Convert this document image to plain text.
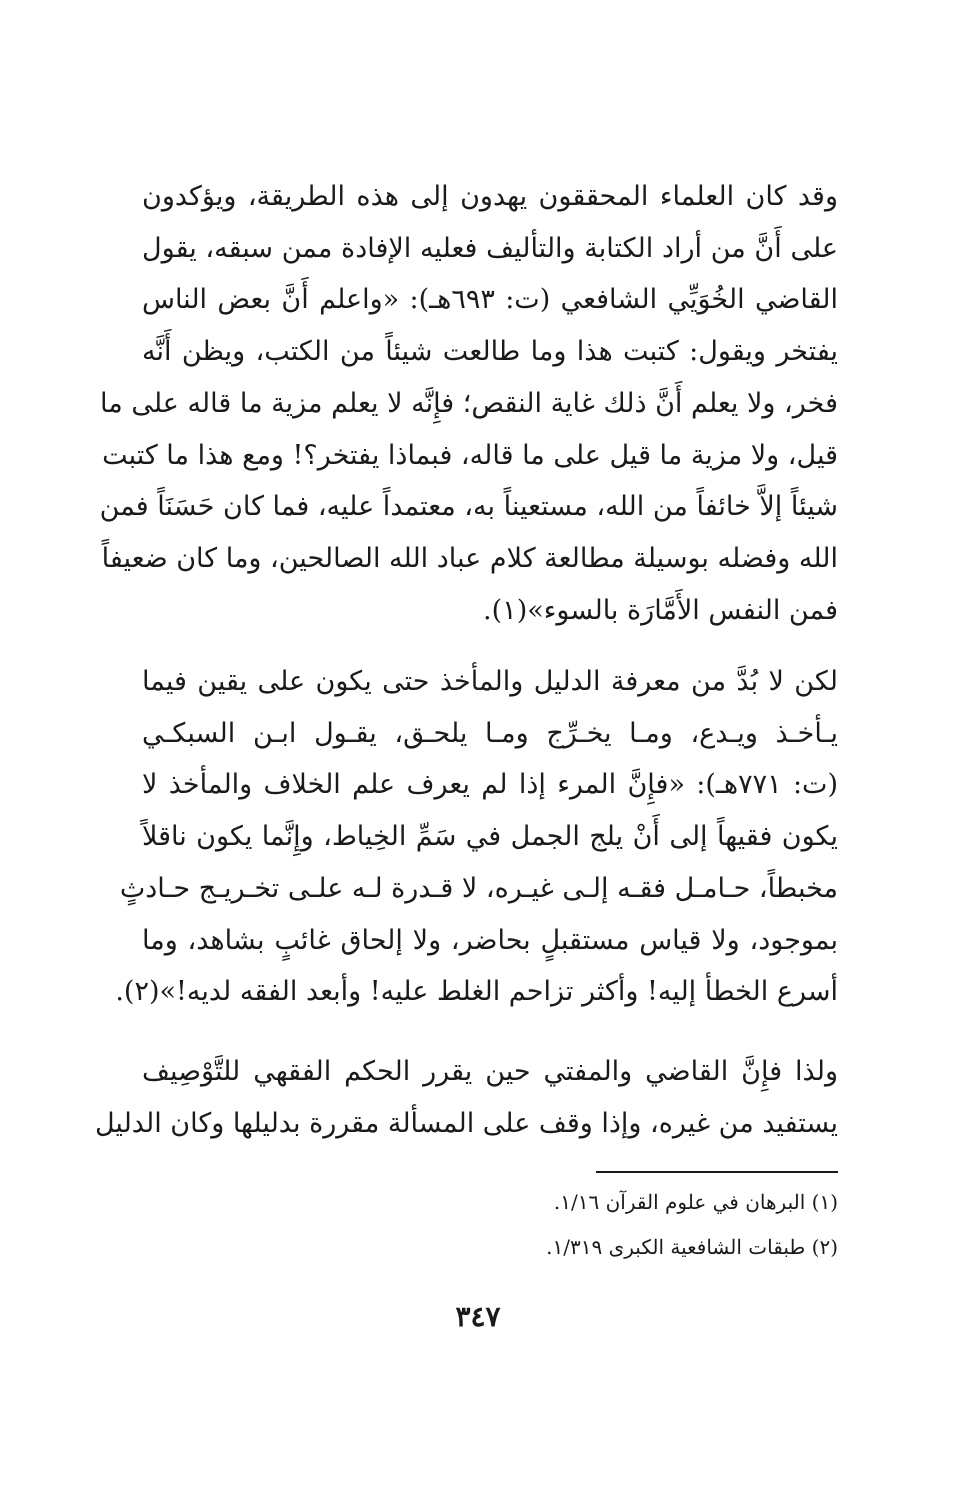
وقد كان العلماء المحققون يهدون إلى هذه الطريقة، ويؤكدون
على أَنَّ من أراد الكتابة والتأليف فعليه الإفادة ممن سبقه، يقول
القاضي الخُوَيِّي الشافعي (ت: ٦٩٣هـ): «واعلم أَنَّ بعض الناس
يفتخر ويقول: كتبت هذا وما طالعت شيئاً من الكتب، ويظن أَنَّه
فخر، ولا يعلم أَنَّ ذلك غاية النقص؛ فإِنَّه لا يعلم مزية ما قاله على ما
قيل، ولا مزية ما قيل على ما قاله، فبماذا يفتخر؟! ومع هذا ما كتبت
شيئاً إلاَّ خائفاً من الله، مستعيناً به، معتمداً عليه، فما كان حَسَنَاً فمن
الله وفضله بوسيلة مطالعة كلام عباد الله الصالحين، وما كان ضعيفاً
فمن النفس الأَمَّارَة بالسوء»(١).

لكن لا بُدَّ من معرفة الدليل والمأخذ حتى يكون على يقين فيما
يـأخـذ ويـدع، ومـا يخـرِّج ومـا يلحـق، يقـول ابـن السبكـي
(ت: ٧٧١هـ): «فإِنَّ المرء إذا لم يعرف علم الخلاف والمأخذ لا
يكون فقيهاً إلى أَنْ يلج الجمل في سَمِّ الخِياط، وإِنَّما يكون ناقلاً
مخبطاً، حـامـل فقـه إلـى غيـره، لا قـدرة لـه علـى تخـريـج حـادثٍ
بموجود، ولا قياس مستقبلٍ بحاضر، ولا إلحاق غائبٍ بشاهد، وما
أسرع الخطأ إليه! وأكثر تزاحم الغلط عليه! وأبعد الفقه لديه!»(٢).

ولذا فإِنَّ القاضي والمفتي حين يقرر الحكم الفقهي للتَّوْصِيف
يستفيد من غيره، وإذا وقف على المسألة مقررة بدليلها وكان الدليل

(١) البرهان في علوم القرآن ١/١٦.
(٢) طبقات الشافعية الكبرى ١/٣١٩.
٣٤٧
